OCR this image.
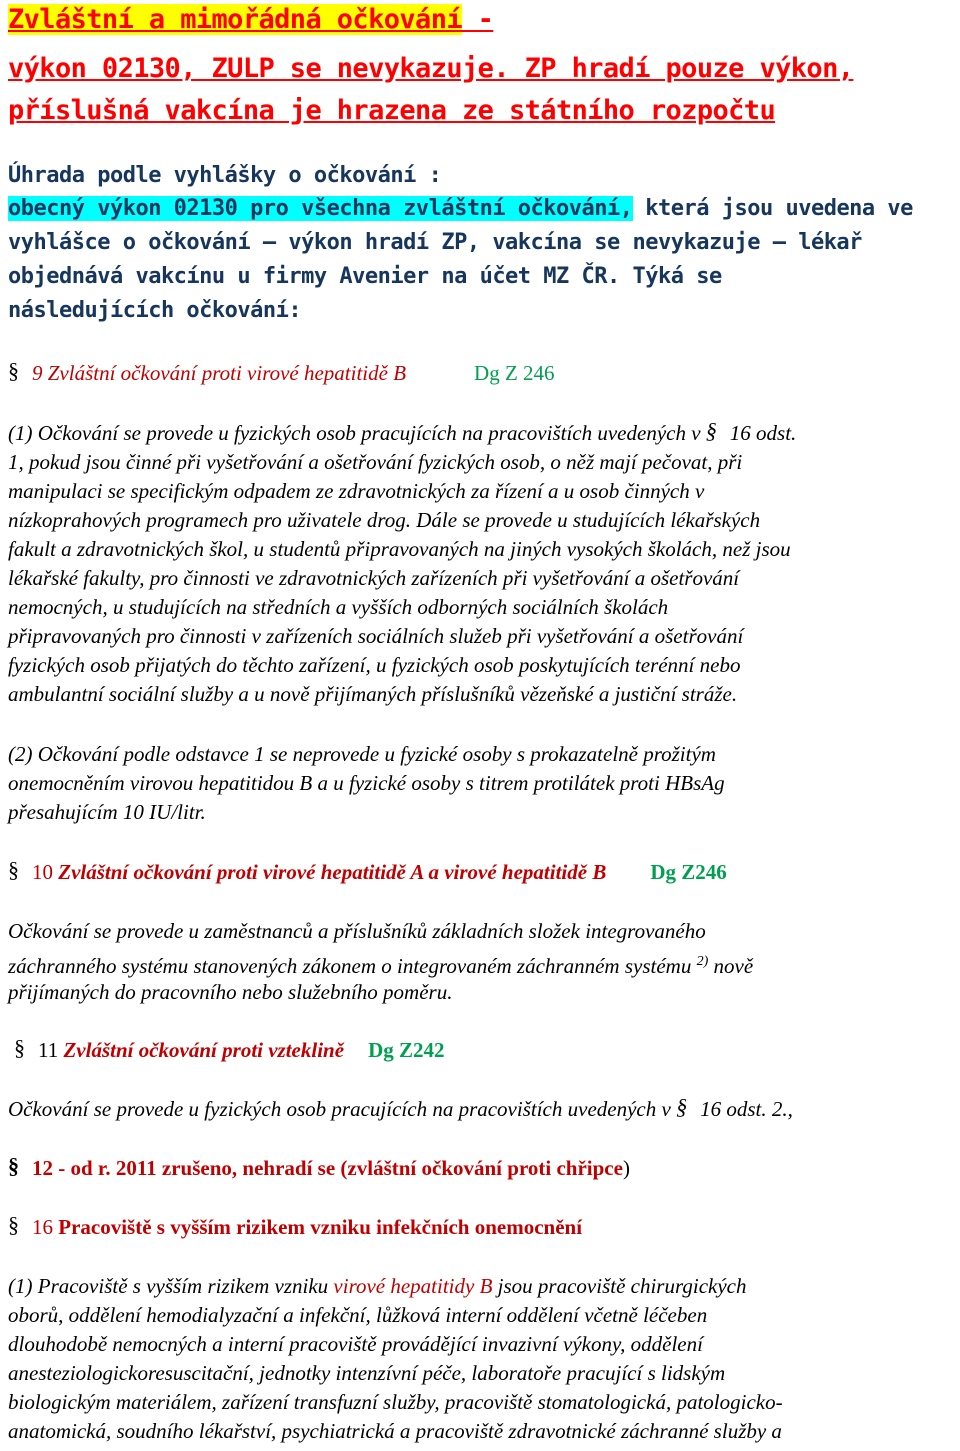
Zvláštní a mimořádná očkování -
výkon 02130, ZULP se nevykazuje. ZP hradí pouze výkon,
příslušná vakcína je hrazena ze státního rozpočtu
Úhrada podle vyhlášky o očkování :
obecný výkon 02130 pro všechna zvláštní očkování, která jsou uvedena ve
vyhlášce o očkování – výkon hradí ZP, vakcína se nevykazuje – lékař
objednává vakcínu u firmy Avenier na účet MZ ČR. Týká se
následujících očkování:
§9 Zvláštní očkování proti virové hepatitidě B	Dg Z 246
(1) Očkování se provede u fyzických osob pracujících na pracovištích uvedených v § 16 odst.
1, pokud jsou činné při vyšetřování a ošetřování fyzických osob, o něž mají pečovat, při
manipulaci se specifickým odpadem ze zdravotnických za řízení a u osob činných v
nízkoprahových programech pro uživatele drog. Dále se provede u studujících lékařských
fakult a zdravotnických škol, u studentů připravovaných na jiných vysokých školách, než jsou
lékařské fakulty, pro činnosti ve zdravotnických zařízeních při vyšetřování a ošetřování
nemocných, u studujících na středních a vyšších odborných sociálních školách
připravovaných pro činnosti v zařízeních sociálních služeb při vyšetřování a ošetřování
fyzických osob přijatých do těchto zařízení, u fyzických osob poskytujících terénní nebo
ambulantní sociální služby a u nově přijímaných příslušníků vězeňské a justiční stráže.
(2) Očkování podle odstavce 1 se neprovede u fyzické osoby s prokazatelně prožitým
onemocněním virovou hepatitidou B a u fyzické osoby s titrem protilátek proti HBsAg
přesahujícím 10 IU/litr.
§10 Zvláštní očkování proti virové hepatitidě A a virové hepatitidě B Dg Z246
Očkování se provede u zaměstnanců a příslušníků základních složek integrovaného
záchranného systému stanovených zákonem o integrovaném záchranném systému $^{2)}$ nově
přijímaných do pracovního nebo služebního poměru.
§11 Zvláštní očkování proti vzteklině Dg Z242
Očkování se provede u fyzických osob pracujících na pracovištích uvedených v § 16 odst. 2.,
§12 - od r. 2011 zrušeno, nehradí se (zvláštní očkování proti chřipce)
§16 Pracoviště s vyšším rizikem vzniku infekčních onemocnění
(1) Pracoviště s vyšším rizikem vzniku virové hepatitidy B jsou pracoviště chirurgických
oborů, oddělení hemodialyzační a infekční, lůžková interní oddělení včetně léčeben
dlouhodobě nemocných a interní pracoviště provádějící invazivní výkony, oddělení
anesteziologickoresuscitační, jednotky intenzívní péče, laboratoře pracující s lidským
biologickým materiálem, zařízení transfuzní služby, pracoviště stomatologická, patologicko-
anatomická, soudního lékařství, psychiatrická a pracoviště zdravotnické záchranné služby a
